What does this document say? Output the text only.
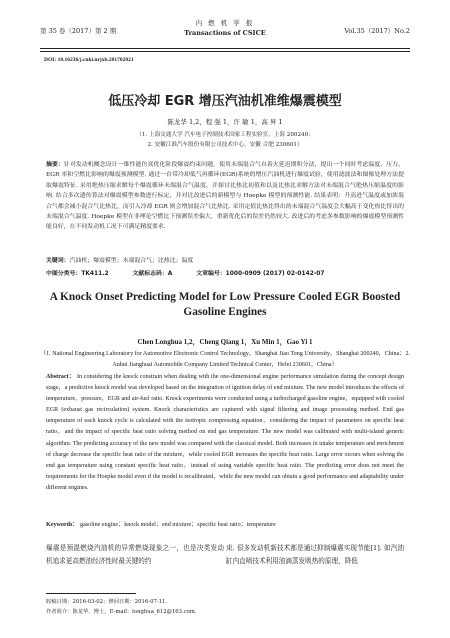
第 35 卷（2017）第 2 期
内 燃 机 学 报
Transactions of CSICE	Vol.35（2017）No.2
DOI: 10.16236/j.cnki.nrjxb.201702021
低压冷却 EGR 增压汽油机准维爆震模型
陈龙华 1,2，程 强 1，许 敏 1，高 昇 1
（1. 上海交通大学 汽车电子控制技术国家工程实验室，上海 200240；
2. 安徽江淮汽车股份有限公司技术中心，安徽 合肥 230601）
摘要：针对发动机概念设计一维性能仿真优化阶段爆震约束问题，使用未端混合气自着火延迟期积分法，提出一个同时考虑温度、压力、EGR 率和空燃比影响的爆震预测模型. 通过一台带冷却低气再循环(EGR)系统的增压汽油机进行爆震试验，使用滤波法和图像处理方法提取爆震特征. 采用绝热压缩求解每个爆震循环未端混合气温度，并探讨比热比初值和以及比热比求解方法对未端混合气绝热压缩温度的影响. 结合多次遗传算法对爆震模型参数进行标定，并对比改进后的新模型与 Hoepke 模型的预测性能. 结果表明：升高进气温度或加浓混合气都会减小混合气比热比，而引入冷却 EGR 则会增加混合气比热比. 采用定值比热比得出的未端混合气温度会大幅高于变化热比得出的未端混合气温度. Hoepke 模型在非理论空燃比下预测误差偏大，重新优化后的误差仍然较大. 改进后的考虑多参数影响的爆震模型预测性能良好，在不同发动机工况下可满足精度要求.
关键词：汽油机；爆震模型；未端混合气；比热比；温度
中图分类号：TK411.2	文献标志码：A	文章编号：1000-0909 (2017) 02-0142-07
A Knock Onset Predicting Model for Low Pressure Cooled EGR Boosted Gasoline Engines
Chen Longhua 1,2，Cheng Qiang 1，Xu Min 1，Gao Yi 1
（1. National Engineering Laboratory for Automotive Electronic Control Technology，Shanghai Jiao Tong University，Shanghai 200240，China；2. Anhui Jianghuai Automobile Company Limited Technical Center，Hefei 230601，China）
Abstract： In considering the knock constrain when dealing with the one-dimensional engine performance simulation during the concept design stage，a predictive knock model was developed based on the integration of ignition delay of end mixture. The new model introduces the effects of temperature，pressure，EGR and air-fuel ratio. Knock experiments were conducted using a turbocharged gasoline engine，equipped with cooled EGR (exhaust gas recirculation) system. Knock characteristics are captured with signal filtering and image processing method. End gas temperature of each knock cycle is calculated with the isotropic compressing equation，considering the impact of parameters on specific heat ratio，and the impact of specific heat ratio solving method on end gas temperature. The new model was calibrated with multi-island generic algorithm. The predicting accuracy of the new model was compared with the classical model. Both increases in intake temperature and enrichment of charge decrease the specific heat ratio of the mixture，while cooled EGR increases the specific heat ratio. Large error occurs when solving the end gas temperature using constant specific heat ratio，instead of using variable specific heat ratio. The predicting error does not meet the requirements for the Hoepke model even if the model is recalibrated，while the new model can obtain a good performance and adaptability under different engines.
Keywords： gasoline engine；knock model；end mixture；specific heat ratio；temperature
爆震是预混燃烧汽油机的异常燃烧现象之一，也是决类发动机追求更高燃油经济性时最关键的约
束. 很多发动机新技术都是通过抑制爆震实现节能[1]. 如汽油缸内直喷技术利用油滴蒸发吸热的原理，降低
收稿日期：2016-03-02；修回日期：2016-07-11.
作者简介：陈龙华，博士，E-mail：longhua_612@163.com.
